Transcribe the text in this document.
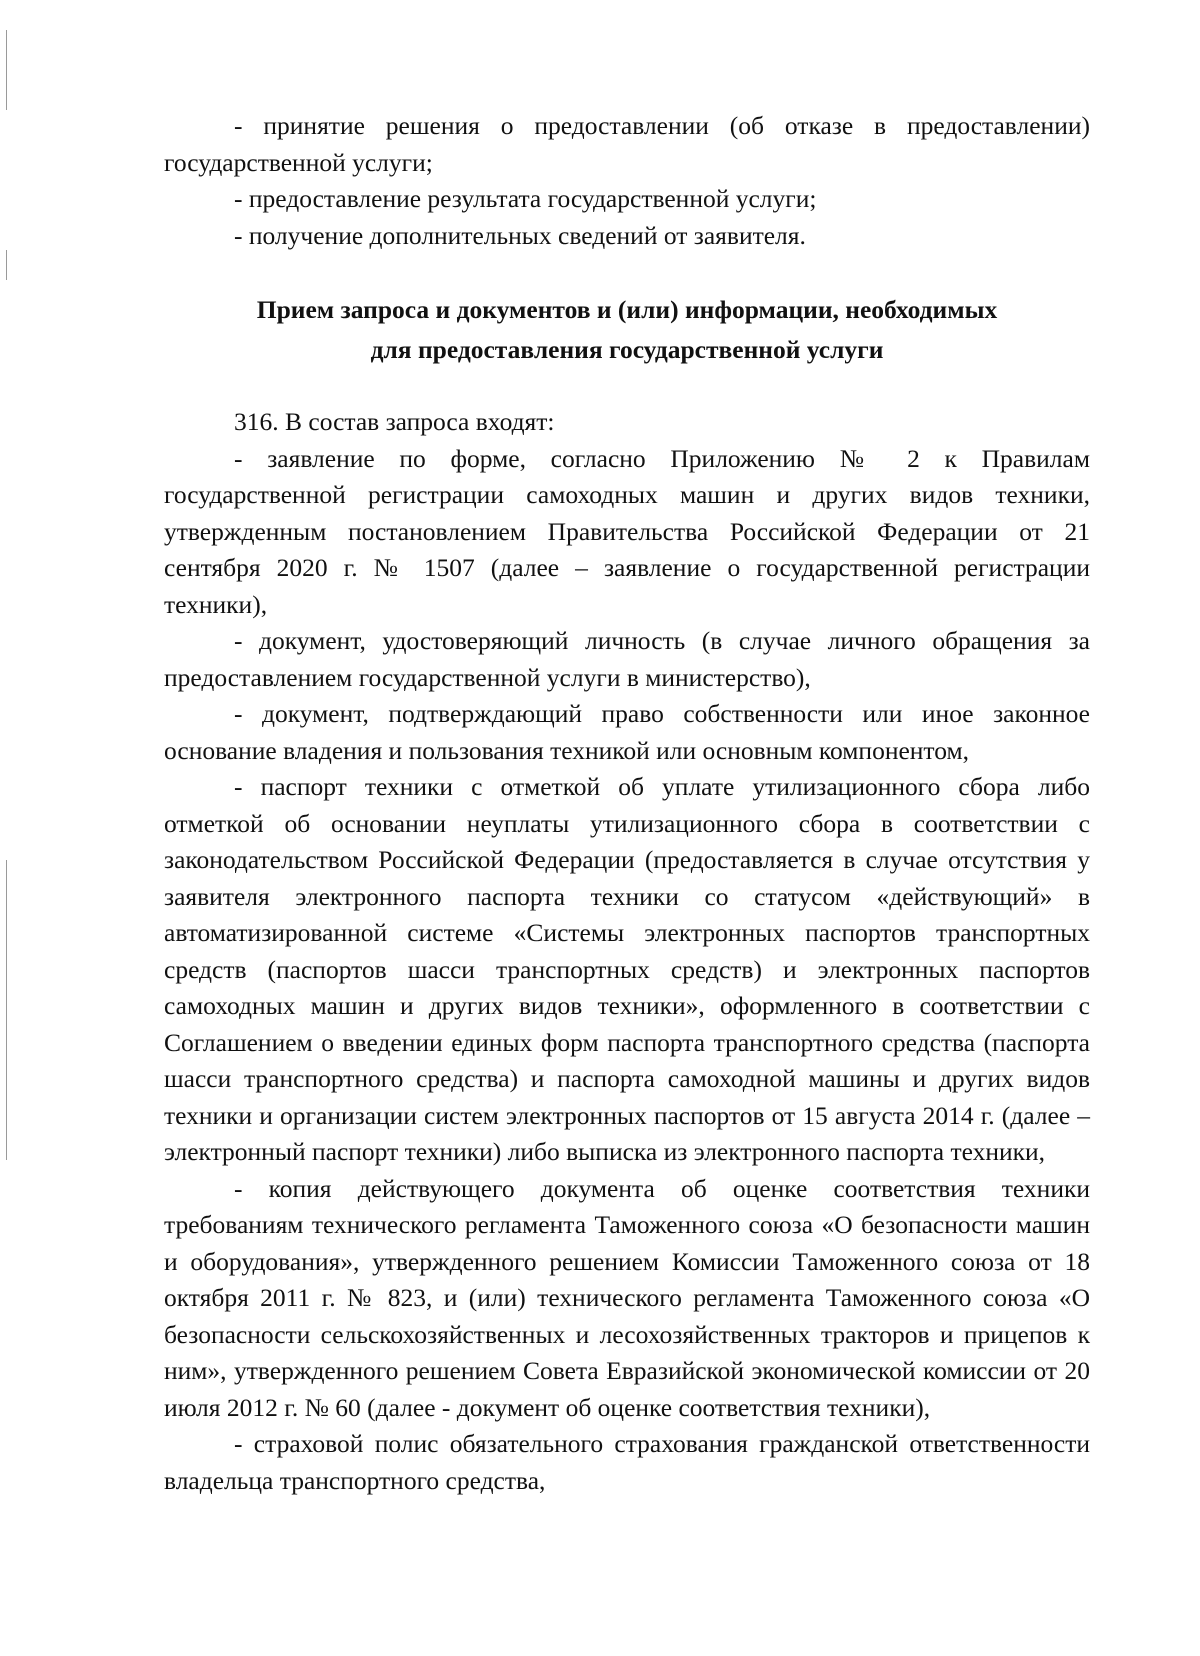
- принятие решения о предоставлении (об отказе в предоставлении) государственной услуги;

- предоставление результата государственной услуги;

- получение дополнительных сведений от заявителя.

Прием запроса и документов и (или) информации, необходимых
для предоставления государственной услуги

316. В состав запроса входят:

- заявление по форме, согласно Приложению № 2 к Правилам государственной регистрации самоходных машин и других видов техники, утвержденным постановлением Правительства Российской Федерации от 21 сентября 2020 г. № 1507 (далее – заявление о государственной регистрации техники),

- документ, удостоверяющий личность (в случае личного обращения за предоставлением государственной услуги в министерство),

- документ, подтверждающий право собственности или иное законное основание владения и пользования техникой или основным компонентом,

- паспорт техники с отметкой об уплате утилизационного сбора либо отметкой об основании неуплаты утилизационного сбора в соответствии с законодательством Российской Федерации (предоставляется в случае отсутствия у заявителя электронного паспорта техники со статусом «действующий» в автоматизированной системе «Системы электронных паспортов транспортных средств (паспортов шасси транспортных средств) и электронных паспортов самоходных машин и других видов техники», оформленного в соответствии с Соглашением о введении единых форм паспорта транспортного средства (паспорта шасси транспортного средства) и паспорта самоходной машины и других видов техники и организации систем электронных паспортов от 15 августа 2014 г. (далее – электронный паспорт техники) либо выписка из электронного паспорта техники,

- копия действующего документа об оценке соответствия техники требованиям технического регламента Таможенного союза «О безопасности машин и оборудования», утвержденного решением Комиссии Таможенного союза от 18 октября 2011 г. № 823, и (или) технического регламента Таможенного союза «О безопасности сельскохозяйственных и лесохозяйственных тракторов и прицепов к ним», утвержденного решением Совета Евразийской экономической комиссии от 20 июля 2012 г. № 60 (далее - документ об оценке соответствия техники),

- страховой полис обязательного страхования гражданской ответственности владельца транспортного средства,
